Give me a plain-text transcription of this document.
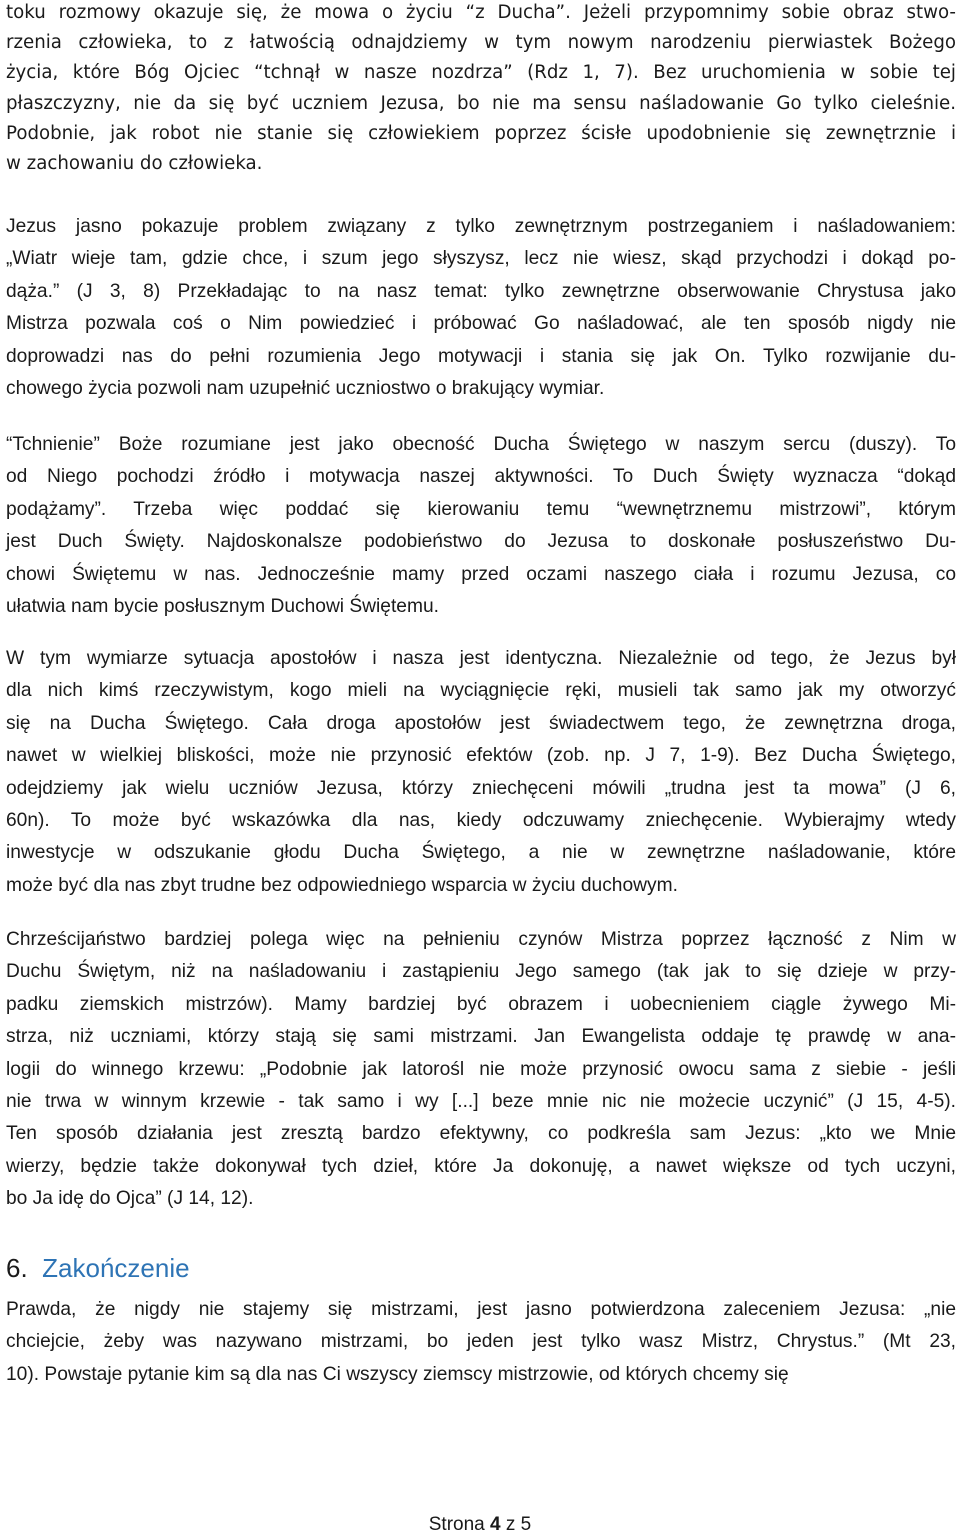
toku rozmowy okazuje się, że mowa o życiu “z Ducha”. Jeżeli przypomnimy sobie obraz stwo-
rzenia człowieka, to z łatwością odnajdziemy w tym nowym narodzeniu pierwiastek Bożego
życia, które Bóg Ojciec “tchnął w nasze nozdrza” (Rdz 1, 7). Bez uruchomienia w sobie tej
płaszczyzny, nie da się być uczniem Jezusa, bo nie ma sensu naśladowanie Go tylko cieleśnie.
Podobnie, jak robot nie stanie się człowiekiem poprzez ścisłe upodobnienie się zewnętrznie i
w zachowaniu do człowieka.

Jezus jasno pokazuje problem związany z tylko zewnętrznym postrzeganiem i naśladowaniem:
„Wiatr wieje tam, gdzie chce, i szum jego słyszysz, lecz nie wiesz, skąd przychodzi i dokąd po-
dąża.” (J 3, 8) Przekładając to na nasz temat: tylko zewnętrzne obserwowanie Chrystusa jako
Mistrza pozwala coś o Nim powiedzieć i próbować Go naśladować, ale ten sposób nigdy nie
doprowadzi nas do pełni rozumienia Jego motywacji i stania się jak On. Tylko rozwijanie du-
chowego życia pozwoli nam uzupełnić uczniostwo o brakujący wymiar.

“Tchnienie” Boże rozumiane jest jako obecność Ducha Świętego w naszym sercu (duszy). To
od Niego pochodzi źródło i motywacja naszej aktywności. To Duch Święty wyznacza “dokąd
podążamy”. Trzeba więc poddać się kierowaniu temu “wewnętrznemu mistrzowi”, którym
jest Duch Święty. Najdoskonalsze podobieństwo do Jezusa to doskonałe posłuszeństwo Du-
chowi Świętemu w nas. Jednocześnie mamy przed oczami naszego ciała i rozumu Jezusa, co
ułatwia nam bycie posłusznym Duchowi Świętemu.

W tym wymiarze sytuacja apostołów i nasza jest identyczna. Niezależnie od tego, że Jezus był
dla nich kimś rzeczywistym, kogo mieli na wyciągnięcie ręki, musieli tak samo jak my otworzyć
się na Ducha Świętego. Cała droga apostołów jest świadectwem tego, że zewnętrzna droga,
nawet w wielkiej bliskości, może nie przynosić efektów (zob. np. J 7, 1-9). Bez Ducha Świętego,
odejdziemy jak wielu uczniów Jezusa, którzy zniechęceni mówili „trudna jest ta mowa” (J 6,
60n). To może być wskazówka dla nas, kiedy odczuwamy zniechęcenie. Wybierajmy wtedy
inwestycje w odszukanie głodu Ducha Świętego, a nie w zewnętrzne naśladowanie, które
może być dla nas zbyt trudne bez odpowiedniego wsparcia w życiu duchowym.

Chrześcijaństwo bardziej polega więc na pełnieniu czynów Mistrza poprzez łączność z Nim w
Duchu Świętym, niż na naśladowaniu i zastąpieniu Jego samego (tak jak to się dzieje w przy-
padku ziemskich mistrzów). Mamy bardziej być obrazem i uobecnieniem ciągle żywego Mi-
strza, niż uczniami, którzy stają się sami mistrzami. Jan Ewangelista oddaje tę prawdę w ana-
logii do winnego krzewu: „Podobnie jak latorośl nie może przynosić owocu sama z siebie - jeśli
nie trwa w winnym krzewie - tak samo i wy [...] beze mnie nic nie możecie uczynić” (J 15, 4-5).
Ten sposób działania jest zresztą bardzo efektywny, co podkreśla sam Jezus: „kto we Mnie
wierzy, będzie także dokonywał tych dzieł, które Ja dokonuję, a nawet większe od tych uczyni,
bo Ja idę do Ojca” (J 14, 12).

6. Zakończenie

Prawda, że nigdy nie stajemy się mistrzami, jest jasno potwierdzona zaleceniem Jezusa: „nie
chciejcie, żeby was nazywano mistrzami, bo jeden jest tylko wasz Mistrz, Chrystus.” (Mt 23,
10). Powstaje pytanie kim są dla nas Ci wszyscy ziemscy mistrzowie, od których chcemy się

Strona 4 z 5
